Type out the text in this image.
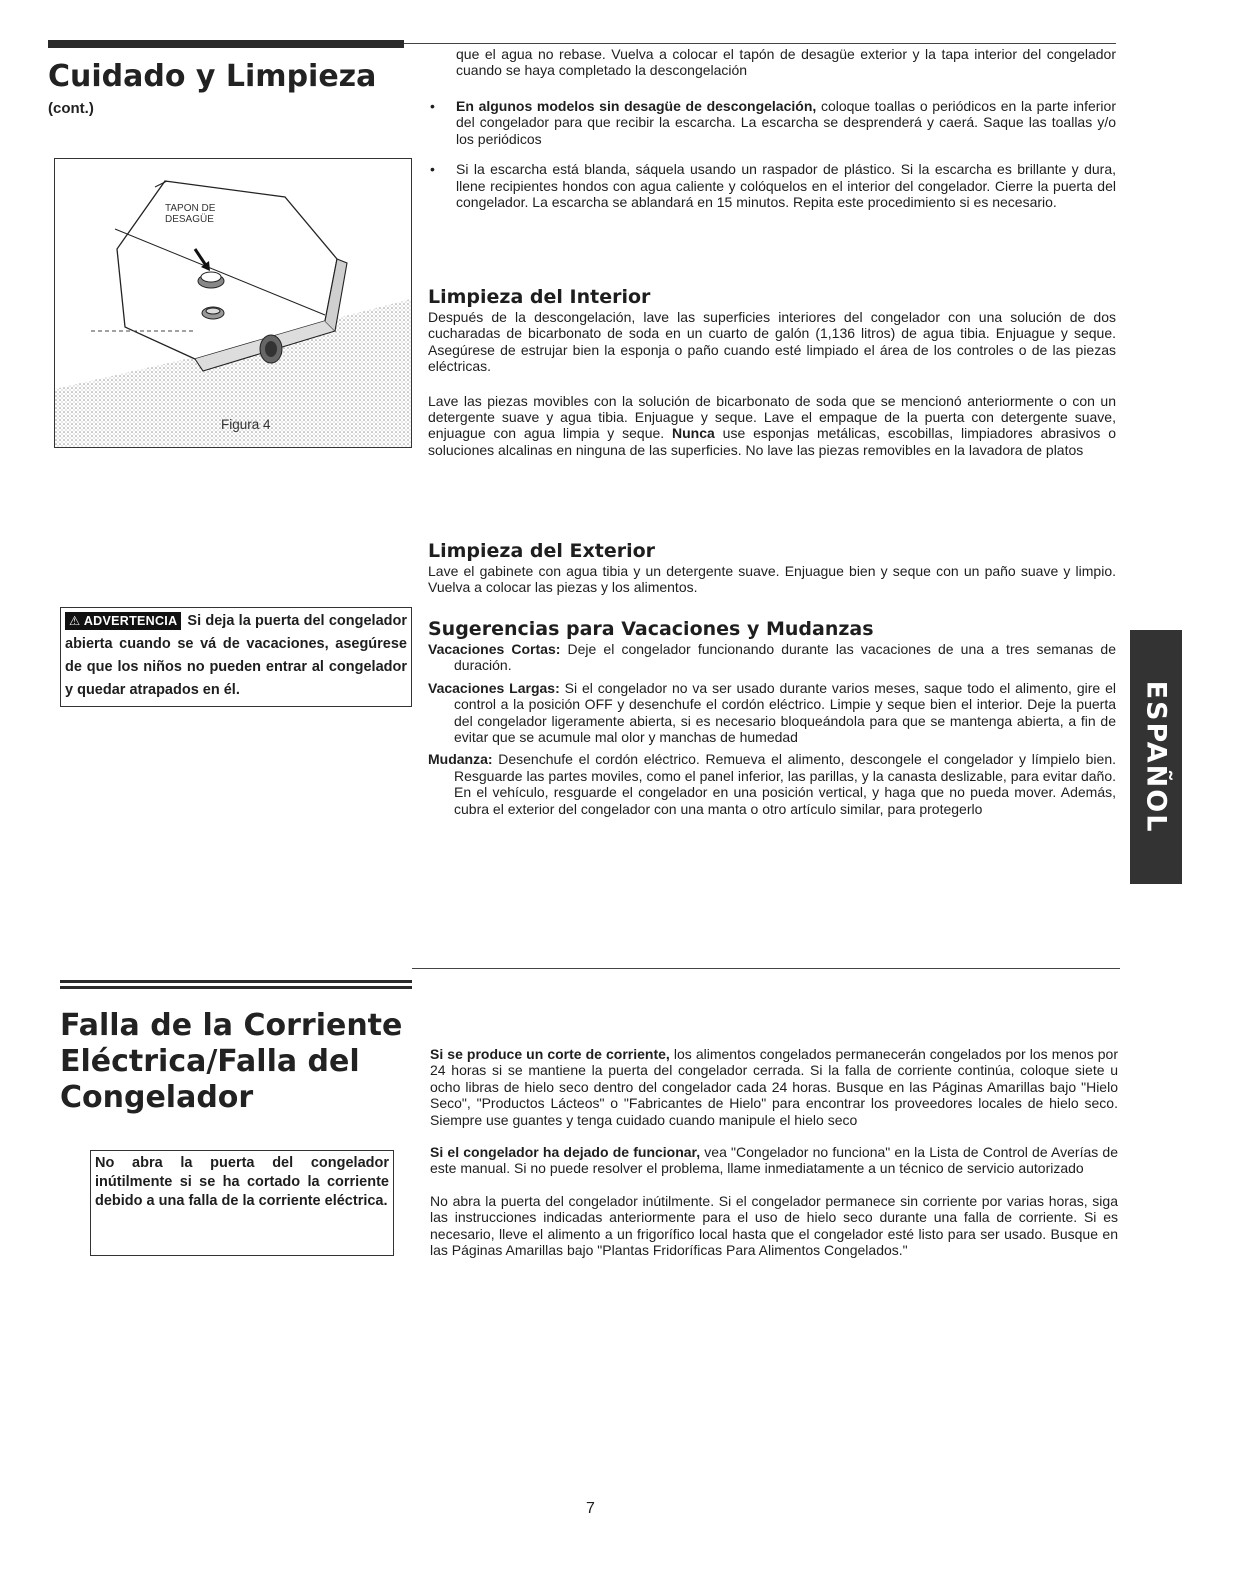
Cuidado y Limpieza
(cont.)
TAPON DE DESAGÜE
Figura 4
⚠ ADVERTENCIA Si deja la puerta del congelador abierta cuando se vá de vacaciones, asegúrese de que los niños no pueden entrar al congelador y quedar atrapados en él.

que el agua no rebase. Vuelva a colocar el tapón de desagüe exterior y la tapa interior del congelador cuando se haya completado la descongelación

• En algunos modelos sin desagüe de descongelación, coloque toallas o periódicos en la parte inferior del congelador para que recibir la escarcha. La escarcha se desprenderá y caerá. Saque las toallas y/o los periódicos

• Si la escarcha está blanda, sáquela usando un raspador de plástico. Si la escarcha es brillante y dura, llene recipientes hondos con agua caliente y colóquelos en el interior del congelador. Cierre la puerta del congelador. La escarcha se ablandará en 15 minutos. Repita este procedimiento si es necesario.

Limpieza del Interior

Después de la descongelación, lave las superficies interiores del congelador con una solución de dos cucharadas de bicarbonato de soda en un cuarto de galón (1,136 litros) de agua tibia. Enjuague y seque. Asegúrese de estrujar bien la esponja o paño cuando esté limpiado el área de los controles o de las piezas eléctricas.

Lave las piezas movibles con la solución de bicarbonato de soda que se mencionó anteriormente o con un detergente suave y agua tibia. Enjuague y seque. Lave el empaque de la puerta con detergente suave, enjuague con agua limpia y seque. Nunca use esponjas metálicas, escobillas, limpiadores abrasivos o soluciones alcalinas en ninguna de las superficies. No lave las piezas removibles en la lavadora de platos

Limpieza del Exterior

Lave el gabinete con agua tibia y un detergente suave. Enjuague bien y seque con un paño suave y limpio. Vuelva a colocar las piezas y los alimentos.

Sugerencias para Vacaciones y Mudanzas

Vacaciones Cortas: Deje el congelador funcionando durante las vacaciones de una a tres semanas de duración.

Vacaciones Largas: Si el congelador no va ser usado durante varios meses, saque todo el alimento, gire el control a la posición OFF y desenchufe el cordón eléctrico. Limpie y seque bien el interior. Deje la puerta del congelador ligeramente abierta, si es necesario bloqueándola para que se mantenga abierta, a fin de evitar que se acumule mal olor y manchas de humedad

Mudanza: Desenchufe el cordón eléctrico. Remueva el alimento, descongele el congelador y límpielo bien. Resguarde las partes moviles, como el panel inferior, las parillas, y la canasta deslizable, para evitar daño. En el vehículo, resguarde el congelador en una posición vertical, y haga que no pueda mover. Además, cubra el exterior del congelador con una manta o otro artículo similar, para protegerlo	ESPAÑOL
Falla de la Corriente
Eléctrica/Falla del
Congelador
No abra la puerta del congelador inútilmente si se ha cortado la corriente debido a una falla de la corriente eléctrica.

Si se produce un corte de corriente, los alimentos congelados permanecerán congelados por los menos por 24 horas si se mantiene la puerta del congelador cerrada. Si la falla de corriente continúa, coloque siete u ocho libras de hielo seco dentro del congelador cada 24 horas. Busque en las Páginas Amarillas bajo "Hielo Seco", "Productos Lácteos" o "Fabricantes de Hielo" para encontrar los proveedores locales de hielo seco. Siempre use guantes y tenga cuidado cuando manipule el hielo seco

Si el congelador ha dejado de funcionar, vea "Congelador no funciona" en la Lista de Control de Averías de este manual. Si no puede resolver el problema, llame inmediatamente a un técnico de servicio autorizado

No abra la puerta del congelador inútilmente. Si el congelador permanece sin corriente por varias horas, siga las instrucciones indicadas anteriormente para el uso de hielo seco durante una falla de corriente. Si es necesario, lleve el alimento a un frigorífico local hasta que el congelador esté listo para ser usado. Busque en las Páginas Amarillas bajo "Plantas Fridoríficas Para Alimentos Congelados."

7
